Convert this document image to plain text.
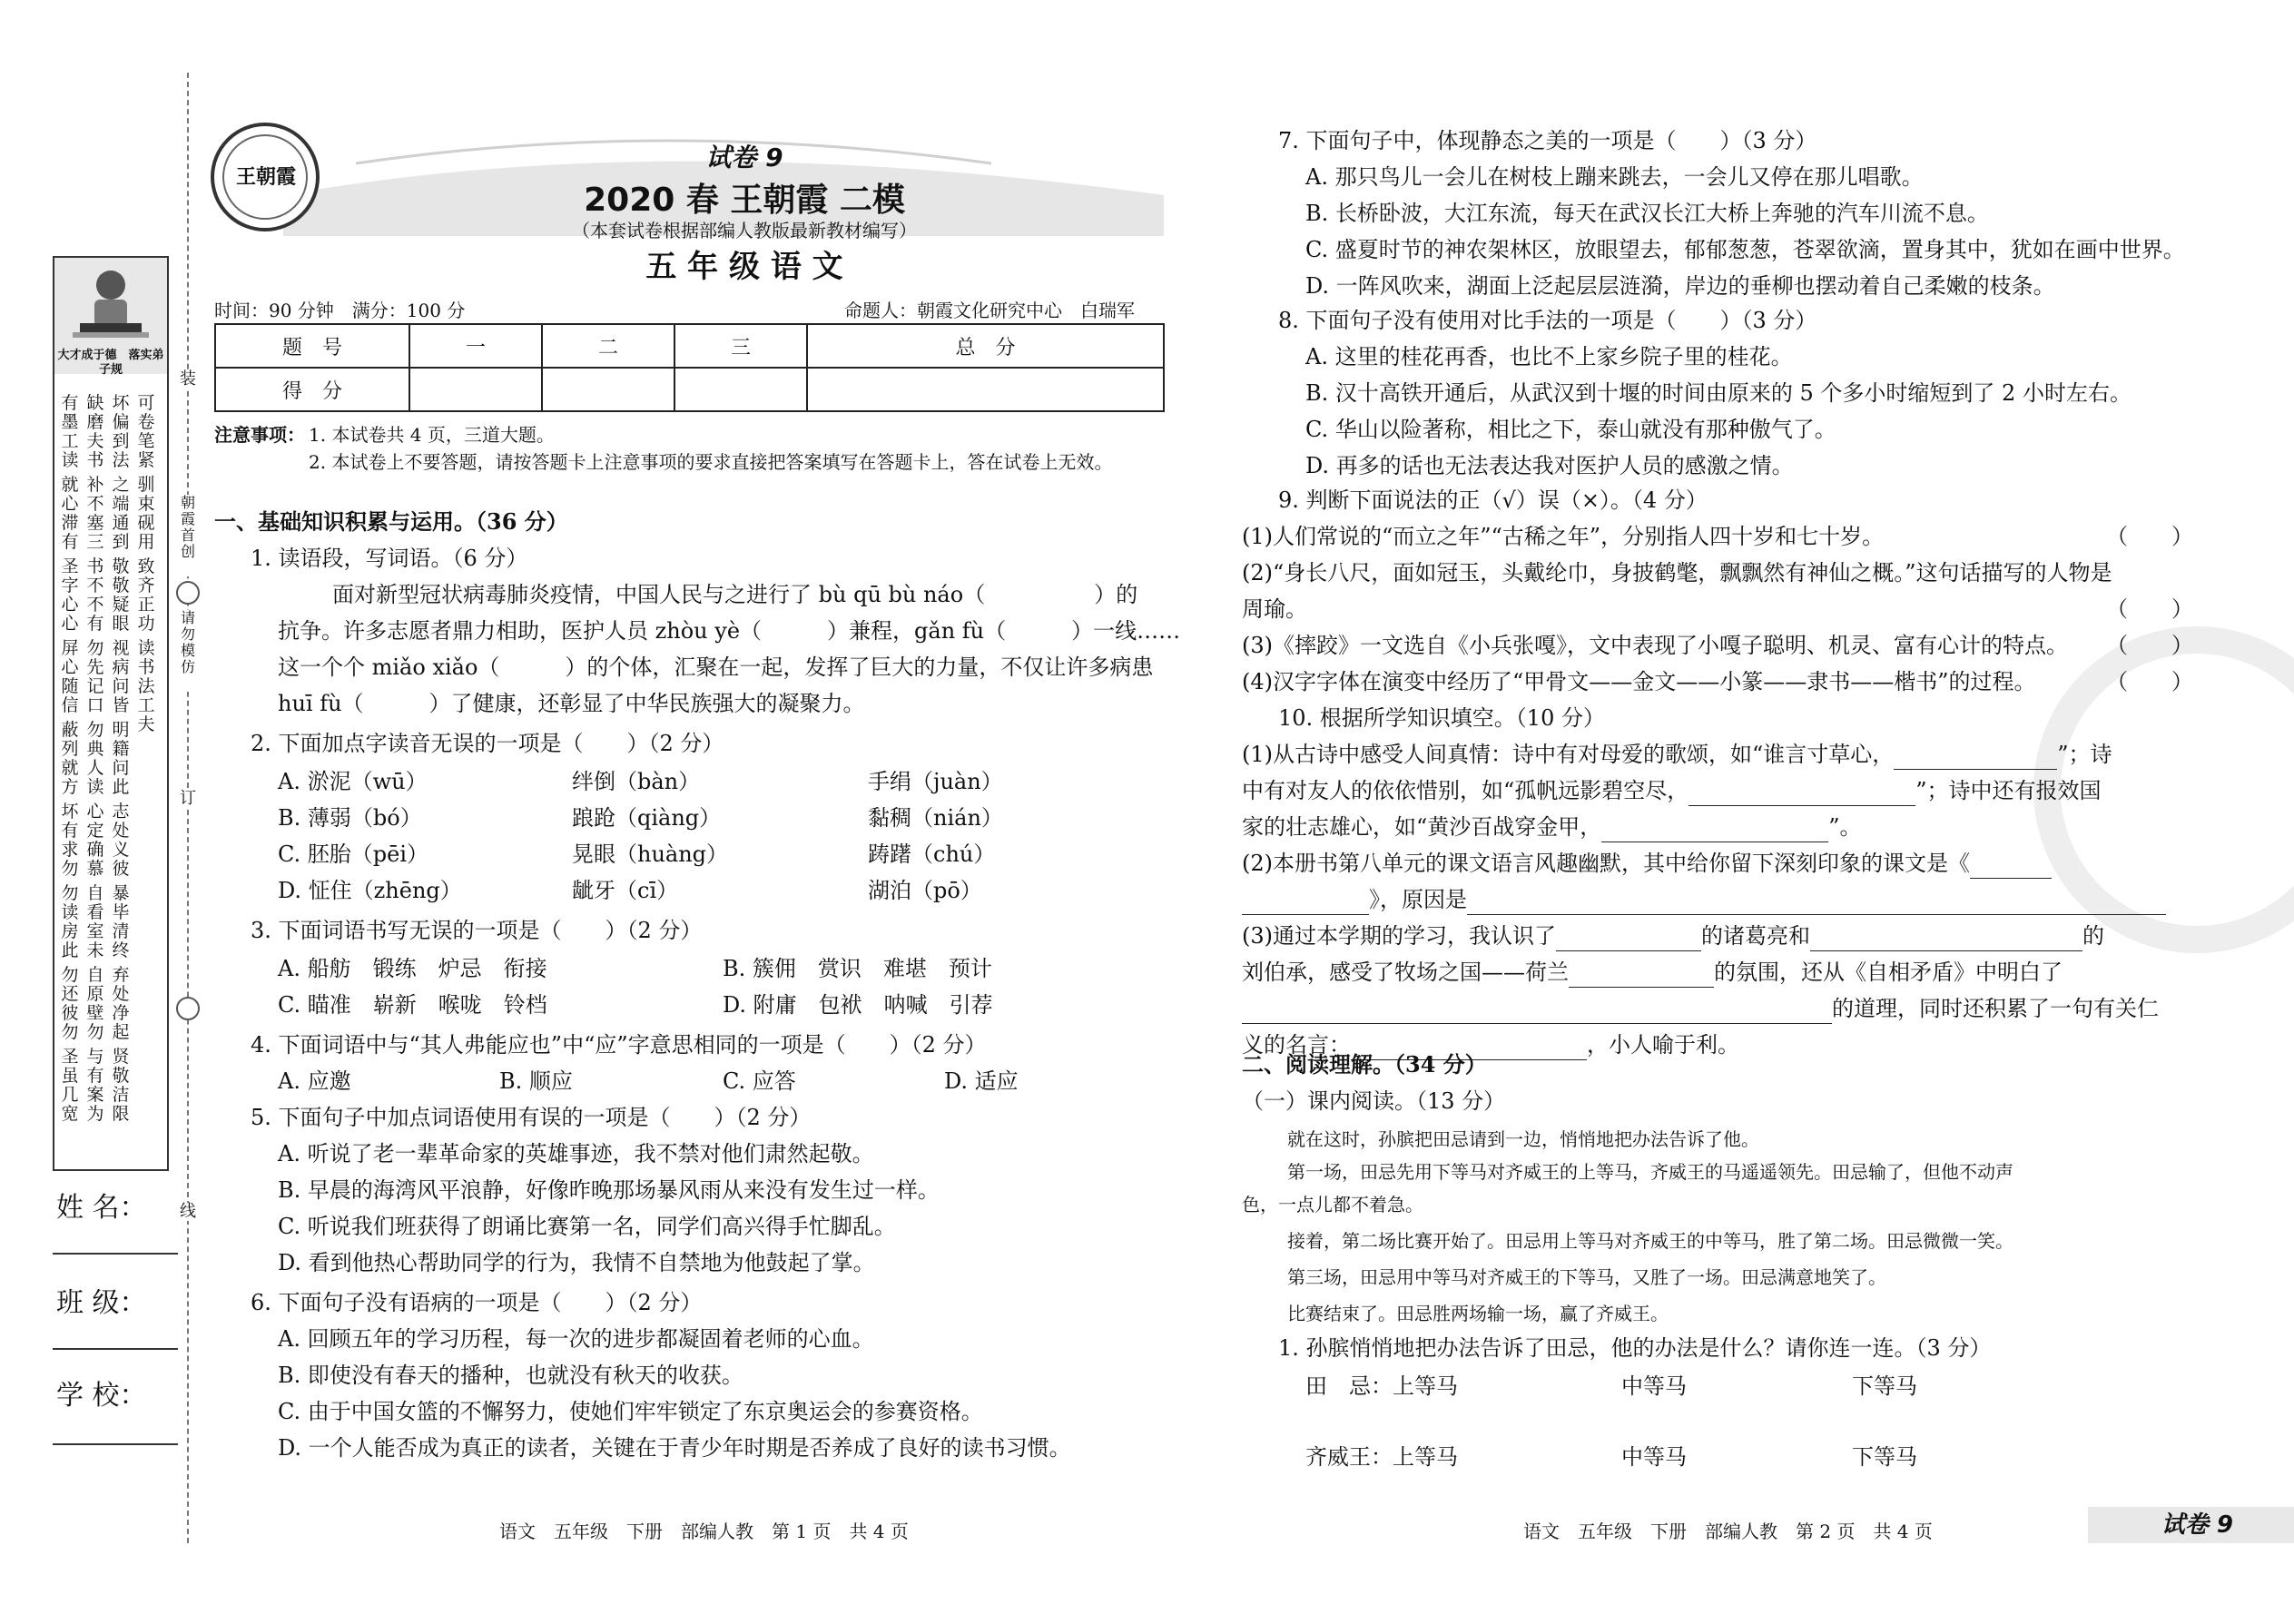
装
朝霞首创
请勿模仿
订
线
大才成于德　落实弟子规
有墨工读
缺磨夫书
坏偏到法
就心滞有
补不塞三
之端通到
圣字心心
书不不有
敬敬疑眼
屏心随信
勿先记口
视病问皆
蔽列就方
勿典人读
明籍问此
坏有求勿
心定确慕
志处义彼
勿读房此
自看室未
暴毕清终
勿还彼勿
自原壁勿
弃处净起
圣虽几宽
与有案为
贤敬洁限
可卷笔紧
驯束砚用
致齐正功
读书法工夫
姓 名：
班 级：
学 校：
王朝霞
试卷 9
2020 春 王朝霞 二模
（本套试卷根据部编人教版最新教材编写）
五 年 级 语 文
时间：90 分钟　满分：100 分	命题人：朝霞文化研究中心　白瑞军
题　号	一	二	三	总　分
得　分				
注意事项： 1. 本试卷共 4 页，三道大题。
2. 本试卷上不要答题，请按答题卡上注意事项的要求直接把答案填写在答题卡上，答在试卷上无效。
一、基础知识积累与运用。（36 分）
1. 读语段，写词语。（6 分）
面对新型冠状病毒肺炎疫情，中国人民与之进行了 bù qū bù náo（　　　　　）的
抗争。许多志愿者鼎力相助，医护人员 zhòu yè（　　　）兼程，gǎn fù（　　　）一线……
这一个个 miǎo xiǎo（　　　）的个体，汇聚在一起，发挥了巨大的力量，不仅让许多病患
huī fù（　　　）了健康，还彰显了中华民族强大的凝聚力。
2. 下面加点字读音无误的一项是（　　）（2 分）
A. 淤泥（wū）	绊倒（bàn）	手绢（juàn）
B. 薄弱（bó）	踉跄（qiàng）	黏稠（nián）
C. 胚胎（pēi）	晃眼（huàng）	踌躇（chú）
D. 怔住（zhēng）	龇牙（cī）	湖泊（pō）
3. 下面词语书写无误的一项是（　　）（2 分）
A. 船舫　锻练　炉忌　衔接	B. 簇佣　赏识　难堪　预计
C. 瞄准　崭新　喉咙　铃档	D. 附庸　包袱　呐喊　引荐
4. 下面词语中与“其人弗能应也”中“应”字意思相同的一项是（　　）（2 分）
A. 应邀	B. 顺应	C. 应答	D. 适应
5. 下面句子中加点词语使用有误的一项是（　　）（2 分）
A. 听说了老一辈革命家的英雄事迹，我不禁对他们肃然起敬。
B. 早晨的海湾风平浪静，好像昨晚那场暴风雨从来没有发生过一样。
C. 听说我们班获得了朗诵比赛第一名，同学们高兴得手忙脚乱。
D. 看到他热心帮助同学的行为，我情不自禁地为他鼓起了掌。
6. 下面句子没有语病的一项是（　　）（2 分）
A. 回顾五年的学习历程，每一次的进步都凝固着老师的心血。
B. 即使没有春天的播种，也就没有秋天的收获。
C. 由于中国女篮的不懈努力，使她们牢牢锁定了东京奥运会的参赛资格。
D. 一个人能否成为真正的读者，关键在于青少年时期是否养成了良好的读书习惯。
语文　五年级　下册　部编人教　第 1 页　共 4 页
7. 下面句子中，体现静态之美的一项是（　　）（3 分）
A. 那只鸟儿一会儿在树枝上蹦来跳去，一会儿又停在那儿唱歌。
B. 长桥卧波，大江东流，每天在武汉长江大桥上奔驰的汽车川流不息。
C. 盛夏时节的神农架林区，放眼望去，郁郁葱葱，苍翠欲滴，置身其中，犹如在画中世界。
D. 一阵风吹来，湖面上泛起层层涟漪，岸边的垂柳也摆动着自己柔嫩的枝条。
8. 下面句子没有使用对比手法的一项是（　　）（3 分）
A. 这里的桂花再香，也比不上家乡院子里的桂花。
B. 汉十高铁开通后，从武汉到十堰的时间由原来的 5 个多小时缩短到了 2 小时左右。
C. 华山以险著称，相比之下，泰山就没有那种傲气了。
D. 再多的话也无法表达我对医护人员的感激之情。
9. 判断下面说法的正（√）误（×）。（4 分）
(1)人们常说的“而立之年”“古稀之年”，分别指人四十岁和七十岁。	（　　）
(2)“身长八尺，面如冠玉，头戴纶巾，身披鹤氅，飘飘然有神仙之概。”这句话描写的人物是
周瑜。	（　　）
(3)《摔跤》一文选自《小兵张嘎》，文中表现了小嘎子聪明、机灵、富有心计的特点。 （　　）
(4)汉字字体在演变中经历了“甲骨文——金文——小篆——隶书——楷书”的过程。	（　　）
10. 根据所学知识填空。（10 分）
(1)从古诗中感受人间真情：诗中有对母爱的歌颂，如“谁言寸草心，	”；诗
中有对友人的依依惜别，如“孤帆远影碧空尽，	”；诗中还有报效国
家的壮志雄心，如“黄沙百战穿金甲，	”。
(2)本册书第八单元的课文语言风趣幽默，其中给你留下深刻印象的课文是《
》，原因是
(3)通过本学期的学习，我认识了	的诸葛亮和	的
刘伯承，感受了牧场之国——荷兰	的氛围，还从《自相矛盾》中明白了
的道理，同时还积累了一句有关仁
义的名言：	，小人喻于利。
二、阅读理解。（34 分）
（一）课内阅读。（13 分）
就在这时，孙膑把田忌请到一边，悄悄地把办法告诉了他。
第一场，田忌先用下等马对齐威王的上等马，齐威王的马遥遥领先。田忌输了，但他不动声
色，一点儿都不着急。
接着，第二场比赛开始了。田忌用上等马对齐威王的中等马，胜了第二场。田忌微微一笑。
第三场，田忌用中等马对齐威王的下等马，又胜了一场。田忌满意地笑了。
比赛结束了。田忌胜两场输一场，赢了齐威王。
1. 孙膑悄悄地把办法告诉了田忌，他的办法是什么？请你连一连。（3 分）
田　忌：上等马	中等马	下等马
齐威王：上等马	中等马	下等马
语文　五年级　下册　部编人教　第 2 页　共 4 页	试卷 9
